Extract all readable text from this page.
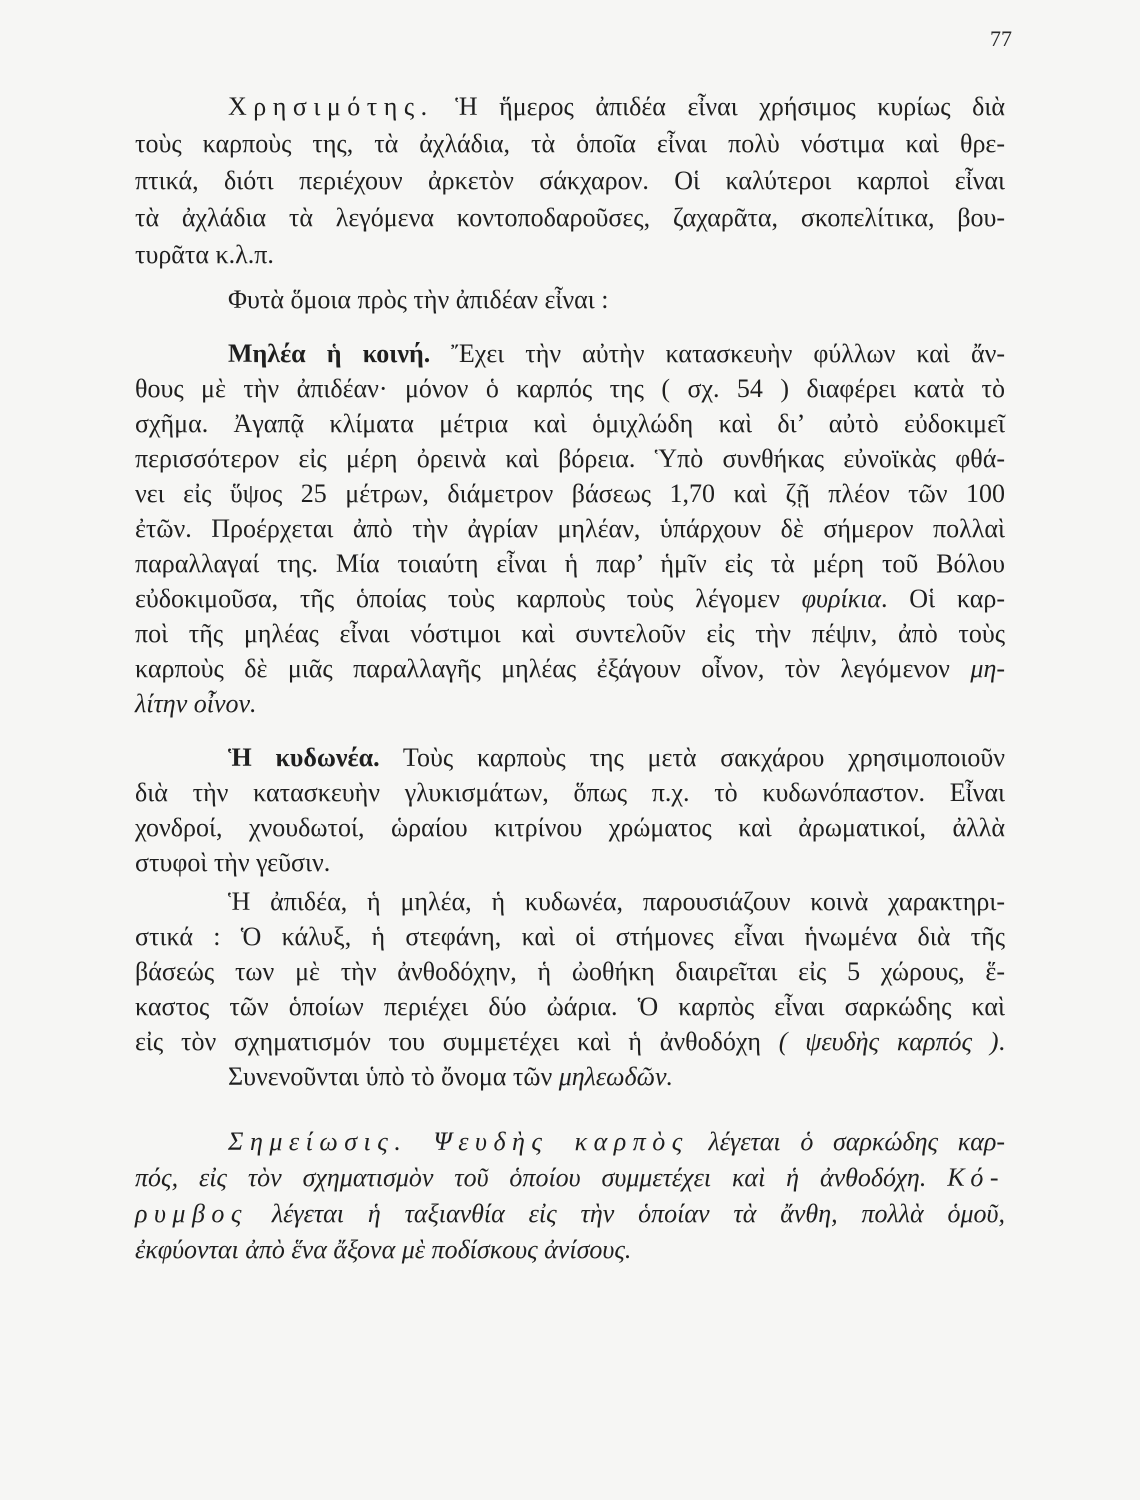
77
Χρησιμότης. Ἡ ἥμερος ἀπιδέα εἶναι χρήσιμος κυρίως διὰ
τοὺς καρποὺς της, τὰ ἀχλάδια, τὰ ὁποῖα εἶναι πολὺ νόστιμα καὶ θρε-
πτικά, διότι περιέχουν ἀρκετὸν σάκχαρον. Οἱ καλύτεροι καρποὶ εἶναι
τὰ ἀχλάδια τὰ λεγόμενα κοντοποδαροῦσες, ζαχαρᾶτα, σκοπελίτικα, βου-
τυρᾶτα κ.λ.π.
Φυτὰ ὅμοια πρὸς τὴν ἀπιδέαν εἶναι :
Μηλέα ἡ κοινή. Ἔχει τὴν αὐτὴν κατασκευὴν φύλλων καὶ ἄν-
θους μὲ τὴν ἀπιδέαν· μόνον ὁ καρπός της ( σχ. 54 ) διαφέρει κατὰ τὸ
σχῆμα. Ἀγαπᾷ κλίματα μέτρια καὶ ὁμιχλώδη καὶ δι’ αὐτὸ εὐδοκιμεῖ
περισσότερον εἰς μέρη ὀρεινὰ καὶ βόρεια. Ὑπὸ συνθήκας εὐνοϊκὰς φθά-
νει εἰς ὕψος 25 μέτρων, διάμετρον βάσεως 1,70 καὶ ζῇ πλέον τῶν 100
ἐτῶν. Προέρχεται ἀπὸ τὴν ἀγρίαν μηλέαν, ὑπάρχουν δὲ σήμερον πολλαὶ
παραλλαγαί της. Μία τοιαύτη εἶναι ἡ παρ’ ἡμῖν εἰς τὰ μέρη τοῦ Βόλου
εὐδοκιμοῦσα, τῆς ὁποίας τοὺς καρποὺς τοὺς λέγομεν φυρίκια. Οἱ καρ-
ποὶ τῆς μηλέας εἶναι νόστιμοι καὶ συντελοῦν εἰς τὴν πέψιν, ἀπὸ τοὺς
καρποὺς δὲ μιᾶς παραλλαγῆς μηλέας ἐξάγουν οἶνον, τὸν λεγόμενον μη-
λίτην οἶνον.
Ἡ κυδωνέα. Τοὺς καρποὺς της μετὰ σακχάρου χρησιμοποιοῦν
διὰ τὴν κατασκευὴν γλυκισμάτων, ὅπως π.χ. τὸ κυδωνόπαστον. Εἶναι
χονδροί, χνουδωτοί, ὡραίου κιτρίνου χρώματος καὶ ἀρωματικοί, ἀλλὰ
στυφοὶ τὴν γεῦσιν.
Ἡ ἀπιδέα, ἡ μηλέα, ἡ κυδωνέα, παρουσιάζουν κοινὰ χαρακτηρι-
στικά : Ὁ κάλυξ, ἡ στεφάνη, καὶ οἱ στήμονες εἶναι ἡνωμένα διὰ τῆς
βάσεώς των μὲ τὴν ἀνθοδόχην, ἡ ὠοθήκη διαιρεῖται εἰς 5 χώρους, ἕ-
καστος τῶν ὁποίων περιέχει δύο ὠάρια. Ὁ καρπὸς εἶναι σαρκώδης καὶ
εἰς τὸν σχηματισμόν του συμμετέχει καὶ ἡ ἀνθοδόχη ( ψευδὴς καρπός ).
Συνενοῦνται ὑπὸ τὸ ὄνομα τῶν μηλεωδῶν.
Σημείωσις. Ψευδὴς καρπὸς λέγεται ὁ σαρκώδης καρ-
πός, εἰς τὸν σχηματισμὸν τοῦ ὁποίου συμμετέχει καὶ ἡ ἀνθοδόχη. Κό-
ρυμβος λέγεται ἡ ταξιανθία εἰς τὴν ὁποίαν τὰ ἄνθη, πολλὰ ὁμοῦ,
ἐκφύονται ἀπὸ ἕνα ἄξονα μὲ ποδίσκους ἀνίσους.
